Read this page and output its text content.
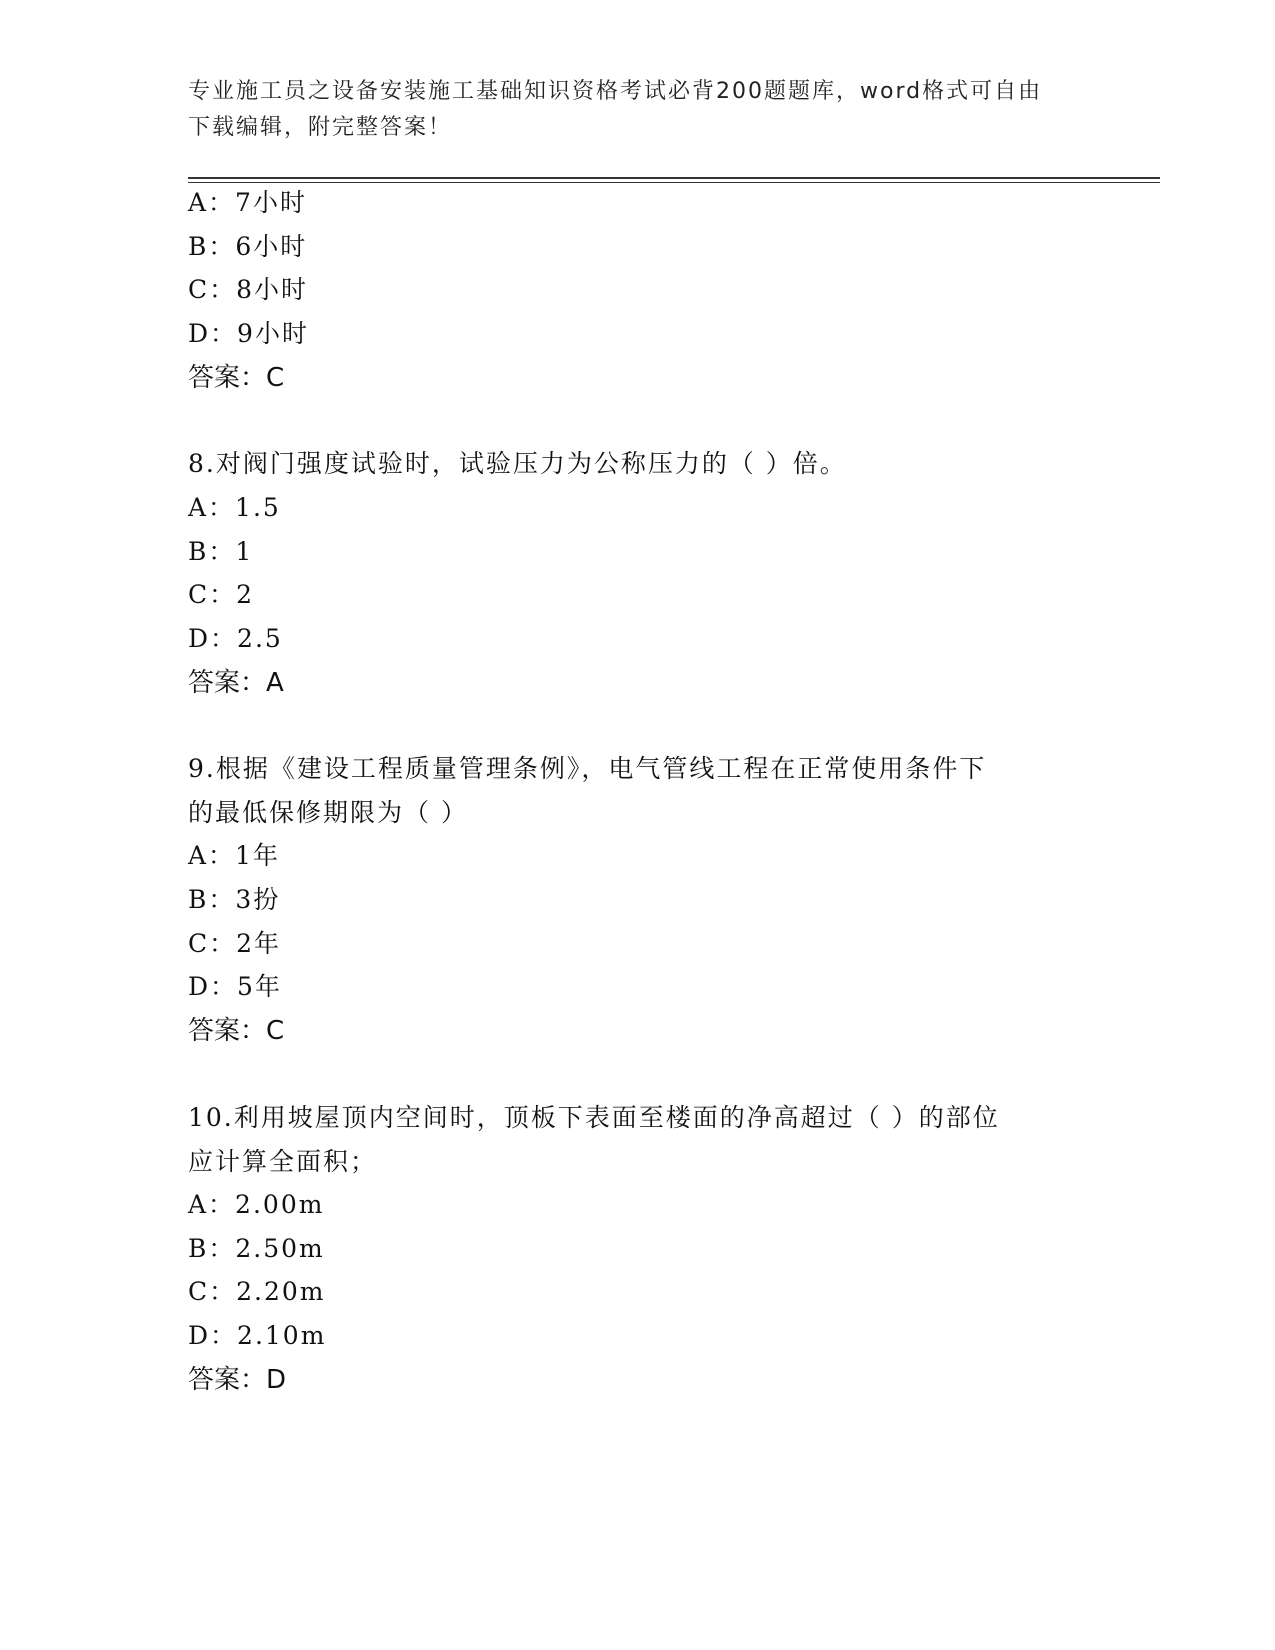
专业施工员之设备安装施工基础知识资格考试必背200题题库，word格式可自由
下载编辑，附完整答案！
A：7小时
B：6小时
C：8小时
D：9小时
答案：C
8.对阀门强度试验时，试验压力为公称压力的（ ）倍。
A：1.5
B：1
C：2
D：2.5
答案：A
9.根据《建设工程质量管理条例》，电气管线工程在正常使用条件下
的最低保修期限为（ ）
A：1年
B：3扮
C：2年
D：5年
答案：C
10.利用坡屋顶内空间时，顶板下表面至楼面的净高超过（ ）的部位
应计算全面积；
A：2.00m
B：2.50m
C：2.20m
D：2.10m
答案：D
